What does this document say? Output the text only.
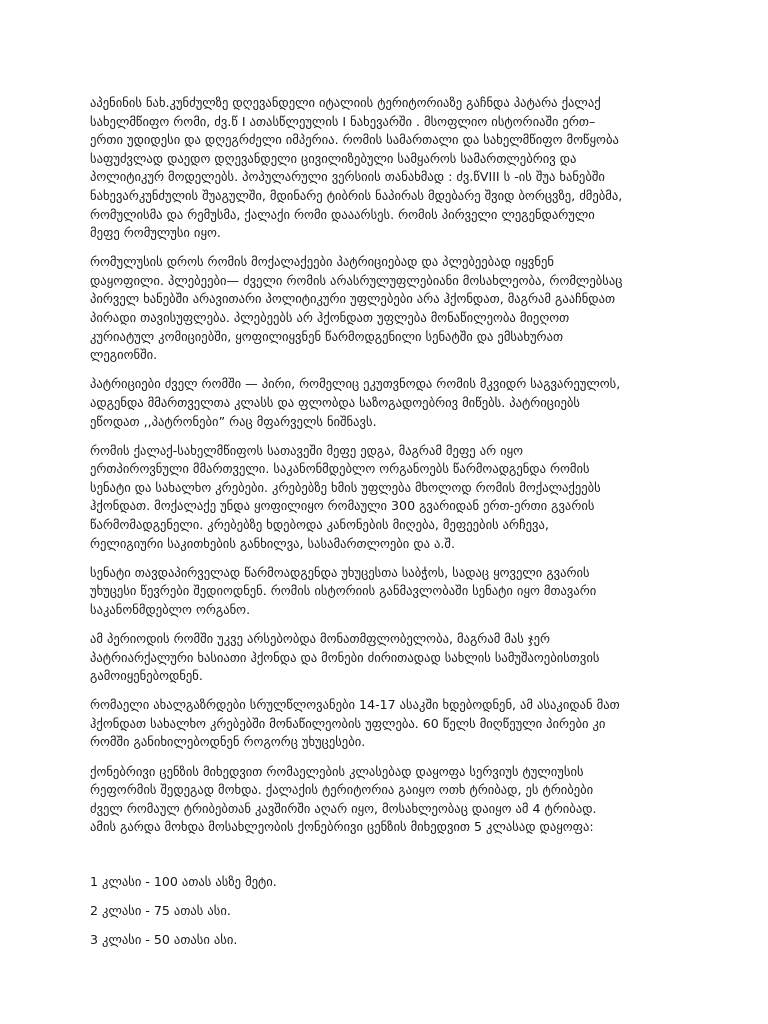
აპენინის ნახ.კუნძულზე დღევანდელი იტალიის ტერიტორიაზე გაჩნდა პატარა ქალაქ
სახელმწიფო რომი, ძვ.წ I ათასწლეულის I ნახევარში . მსოფლიო ისტორიაში ერთ–
ერთი უდიდესი და დღეგრძელი იმპერია. რომის სამართალი და სახელმწიფო მოწყობა
საფუძვლად დაედო დღევანდელი ცივილიზებული სამყაროს სამართლებრივ და
პოლიტიკურ მოდელებს. პოპულარული ვერსიის თანახმად : ძვ.წVIII ს -ის შუა ხანებში
ნახევარკუნძულის შუაგულში, მდინარე ტიბრის ნაპირას მდებარე შვიდ ბორცვზე, ძმებმა,
რომულისმა და რემუსმა, ქალაქი რომი დააარსეს. რომის პირველი ლეგენდარული
მეფე რომულუსი იყო.

რომულუსის დროს რომის მოქალაქეები პატრიციებად და პლებეებად იყვნენ
დაყოფილი. პლებეები— ძველი რომის არასრულუფლებიანი მოსახლეობა, რომლებსაც
პირველ ხანებში არავითარი პოლიტიკური უფლებები არა ჰქონდათ, მაგრამ გააჩნდათ
პირადი თავისუფლება. პლებეებს არ ჰქონდათ უფლება მონაწილეობა მიეღოთ
კურიატულ კომიციებში, ყოფილიყვნენ წარმოდგენილი სენატში და ემსახურათ
ლეგიონში.

პატრიციები ძველ რომში — პირი, რომელიც ეკუთვნოდა რომის მკვიდრ საგვარეულოს,
ადგენდა მმართველთა კლასს და ფლობდა საზოგადოებრივ მიწებს. პატრიციებს
ეწოდათ ,,პატრონები” რაც მფარველს ნიშნავს.

რომის ქალაქ-სახელმწიფოს სათავეში მეფე ედგა, მაგრამ მეფე არ იყო
ერთპიროვნული მმართველი. საკანონმდებლო ორგანოებს წარმოადგენდა რომის
სენატი და სახალხო კრებები. კრებებზე ხმის უფლება მხოლოდ რომის მოქალაქეებს
ჰქონდათ. მოქალაქე უნდა ყოფილიყო რომაული 300 გვარიდან ერთ-ერთი გვარის
წარმომადგენელი. კრებებზე ხდებოდა კანონების მიღება, მეფეების არჩევა,
რელიგიური საკითხების განხილვა, სასამართლოები და ა.შ.

სენატი თავდაპირველად წარმოადგენდა უხუცესთა საბჭოს, სადაც ყოველი გვარის
უხუცესი წევრები შედიოდნენ. რომის ისტორიის განმავლობაში სენატი იყო მთავარი
საკანონმდებლო ორგანო.

ამ პერიოდის რომში უკვე არსებობდა მონათმფლობელობა, მაგრამ მას ჯერ
პატრიარქალური ხასიათი ჰქონდა და მონები ძირითადად სახლის სამუშაოებისთვის
გამოიყენებოდნენ.

რომაელი ახალგაზრდები სრულწლოვანები 14-17 ასაკში ხდებოდნენ, ამ ასაკიდან მათ
ჰქონდათ სახალხო კრებებში მონაწილეობის უფლება. 60 წელს მიღწეული პირები კი
რომში განიხილებოდნენ როგორც უხუცესები.

ქონებრივი ცენზის მიხედვით რომაელების კლასებად დაყოფა სერვიუს ტულიუსის
რეფორმის შედეგად მოხდა. ქალაქის ტერიტორია გაიყო ოთხ ტრიბად, ეს ტრიბები
ძველ რომაულ ტრიბებთან კავშირში აღარ იყო, მოსახლეობაც დაიყო ამ 4 ტრიბად.
ამის გარდა მოხდა მოსახლეობის ქონებრივი ცენზის მიხედვით 5 კლასად დაყოფა:

1 კლასი - 100 ათას ასზე მეტი.

2 კლასი - 75 ათას ასი.

3 კლასი - 50 ათასი ასი.
